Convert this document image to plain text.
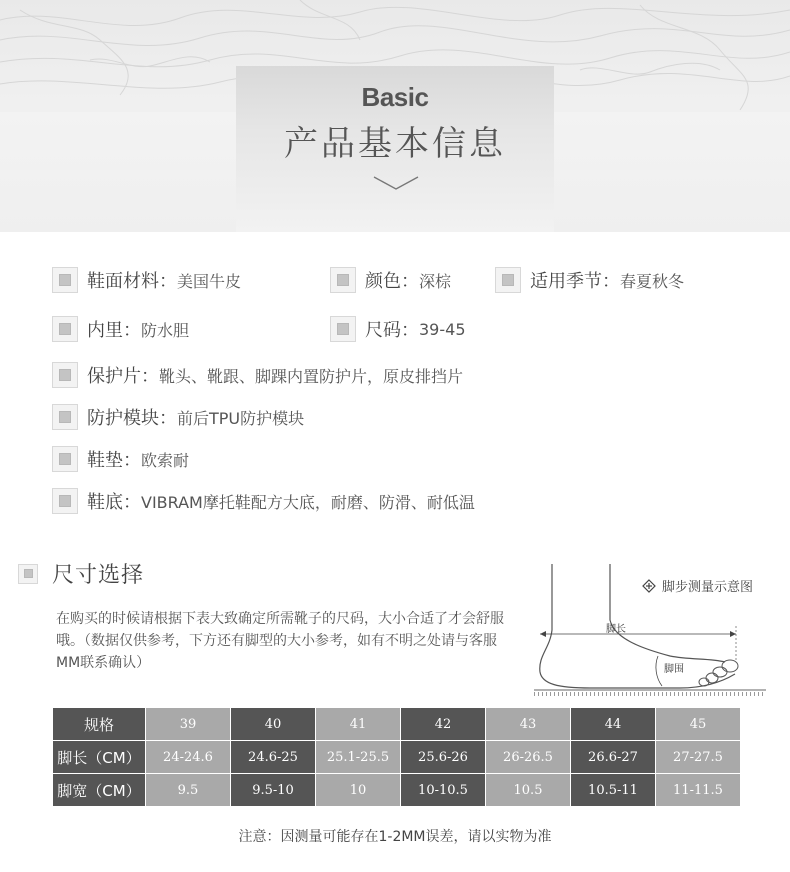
Basic
产品基本信息
鞋面材料： 美国牛皮	颜色： 深棕	适用季节： 春夏秋冬
内里： 防水胆	尺码： 39-45
保护片： 靴头、靴跟、脚踝内置防护片，原皮排挡片
防护模块： 前后TPU防护模块
鞋垫： 欧索耐
鞋底： VIBRAM摩托鞋配方大底，耐磨、防滑、耐低温
尺寸选择
在购买的时候请根据下表大致确定所需靴子的尺码，大小合适了才会舒服哦。（数据仅供参考，下方还有脚型的大小参考，如有不明之处请与客服MM联系确认）
脚长
脚围
脚步测量示意图
规格	39	40	41	42	43	44	45
脚长（CM）	24-24.6	24.6-25	25.1-25.5	25.6-26	26-26.5	26.6-27	27-27.5
脚宽（CM）	9.5	9.5-10	10	10-10.5	10.5	10.5-11	11-11.5
注意：因测量可能存在1-2MM误差，请以实物为准
